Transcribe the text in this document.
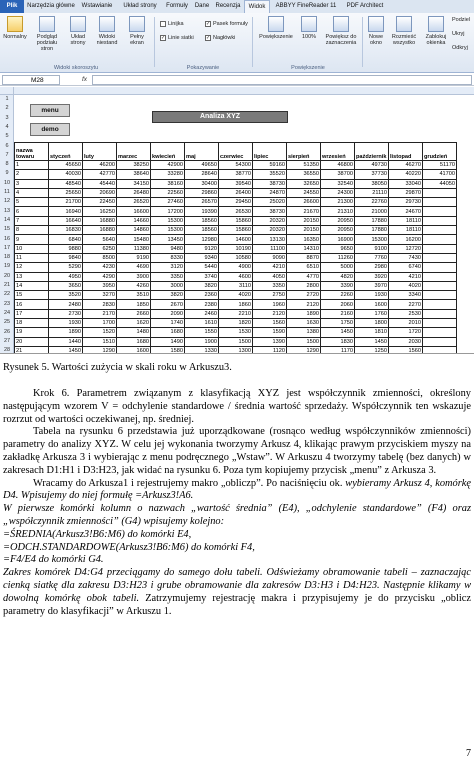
Plik	Narzędzia główne	Wstawianie	Układ strony	Formuły	Dane	Recenzja	Widok	ABBYY FineReader 11	PDF Architect
Normalny	Podgląd podziału stron
Układ strony
Widoki niestand
Pełny ekran
Widoki skoroszytu
Linijka	✓ Pasek formuły
✓ Linie siatki ✓ Nagłówki
Pokazywanie
Powiększenie	100%	Powiększ do zaznaczenia
Powiększenie
Nowe okno
Rozmieść wszystko
Zablokuj okienka
Podziel
Ukryj
Odkryj
M28	fx
1
2
3
4
5
6
7
8
9
10
11
12
13
14
15
16
17
18
19
20
21
22
23
24
25
26
27
28
menu
demo
Analiza XYZ
nazwa towaru	styczeń	luty	marzec	kwiecień	maj	czerwiec	lipiec	sierpień	wrzesień	październik	listopad	grudzień
1	45650	46200	38250	42900	49650	54300	59160	51350	46800	49730	46270	51170
2	40030	42770	38640	33280	28640	38770	35520	36550	38700	37730	40220	41700
3	48540	45440	34150	38160	30400	39540	38730	32650	32540	38050	33040	44050
4	25650	20690	26480	22560	29860	26400	24870	24550	24300	21110	29870	
5	21700	22450	26520	27460	26570	29450	25020	26600	21300	22760	29730	
6	16940	16250	16600	17200	19390	26530	38730	21670	21310	21000	24670	
7	16640	16880	14660	15300	18560	15860	20320	20150	20950	17880	18110	
8	16830	16880	14860	15300	18560	15860	20320	20150	20950	17880	18110	
9	6840	5640	15480	13450	12980	14600	13130	16350	16900	15300	16200	
10	9880	6250	11380	9480	9120	10190	11100	14310	9650	9100	12720	
11	9840	8500	9190	8330	9340	10580	9090	8870	11260	7760	7430	
12	5290	4230	4690	3120	5440	4900	4210	6510	5000	2980	6740	
13	4950	4290	3900	3350	3740	4600	4050	4770	4820	3920	4210	
14	3650	3950	4260	3000	3820	3110	3350	2800	3390	3970	4020	
15	3520	3270	3510	3820	2360	4020	2750	2720	2260	1930	3340	
16	2480	2830	1850	2670	2380	1860	1960	2120	2060	1600	2270	
17	2730	2170	2660	2090	2460	2210	2120	1890	2160	1760	2530	
18	1930	1700	1620	1740	1610	1820	1560	1630	1750	1800	2010	
19	1890	1520	1480	1680	1550	1530	1590	1380	1450	1810	1720	
20	1440	1510	1680	1490	1900	1500	1390	1500	1830	1450	2030	
21	1450	1290	1600	1580	1330	1300	1120	1290	1170	1250	1560	
Rysunek 5. Wartości zużycia w skali roku w Arkuszu3.

Krok 6. Parametrem związanym z klasyfikacją XYZ jest współczynnik zmienności, określony następującym wzorem V = odchylenie standardowe / średnia wartość sprzedaży. Współczynnik ten wskazuje rozrzut od wartości oczekiwanej, np. średniej.

Tabela na rysunku 6 przedstawia już uporządkowane (rosnąco według współczynników zmienności) parametry do analizy XYZ. W celu jej wykonania tworzymy Arkusz 4, klikając prawym przyciskiem myszy na zakładkę Arkusza 3 i wybierając z menu podręcznego „Wstaw”. W Arkuszu 4 tworzymy tabelę (bez danych) w zakresach D1:H1 i D3:H23, jak widać na rysunku 6. Poza tym kopiujemy przycisk „menu” z Arkusza 3.

Wracamy do Arkusza1 i rejestrujemy makro „obliczp”. Po naciśnięciu ok. wybieramy Arkusz 4, komórkę D4. Wpisujemy do niej formułę =Arkusz3!A6.

W pierwsze komórki kolumn o nazwach „wartość średnia” (E4), „odchylenie standardowe” (F4) oraz „współczynnik zmienności” (G4) wpisujemy kolejno:

=ŚREDNIA(Arkusz3!B6:M6) do komórki E4,

=ODCH.STANDARDOWE(Arkusz3!B6:M6) do komórki F4,

=F4/E4 do komórki G4.

Zakres komórek D4:G4 przeciągamy do samego dołu tabeli. Odświeżamy obramowanie tabeli – zaznaczając cienką siatkę dla zakresu D3:H23 i grube obramowanie dla zakresów D3:H3 i D4:H23. Następnie klikamy w dowolną komórkę obok tabeli. Zatrzymujemy rejestrację makra i przypisujemy je do przycisku „oblicz parametry do klasyfikacji” w Arkuszu 1.

7
